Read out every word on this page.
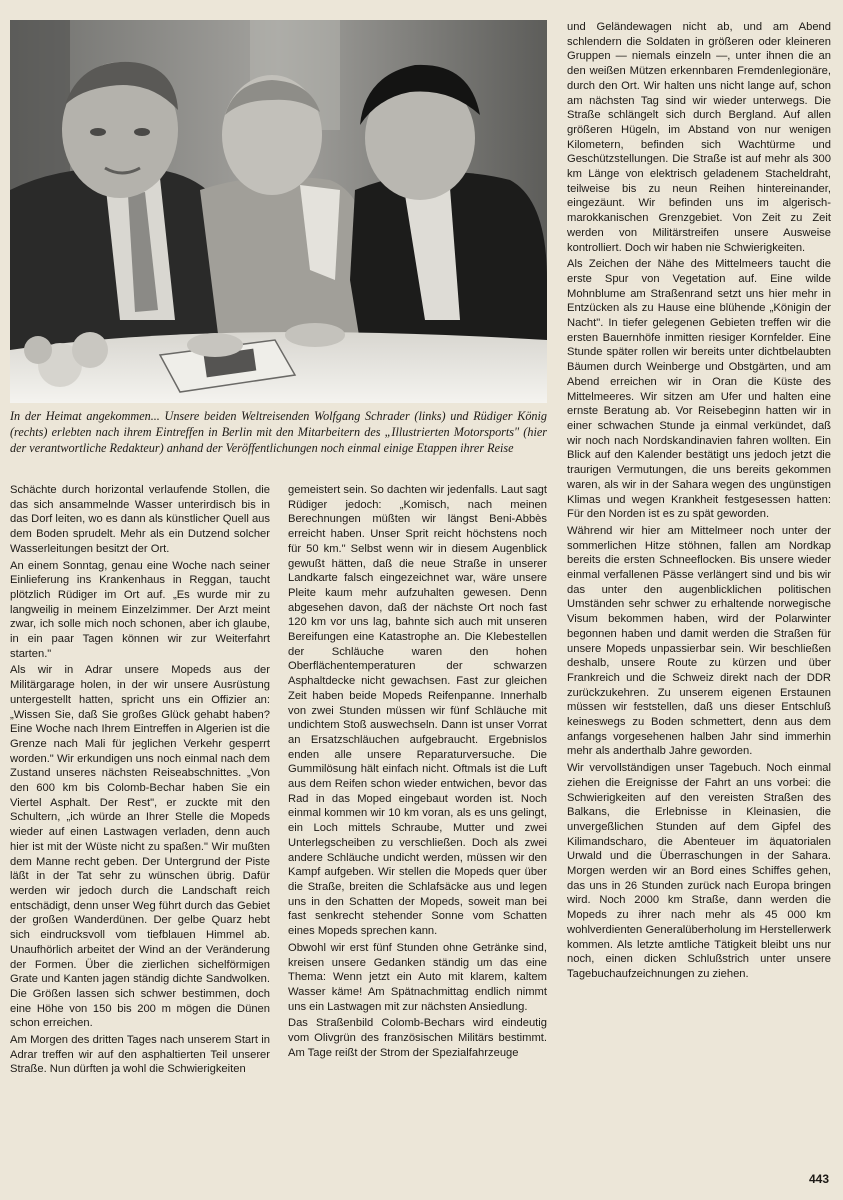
In der Heimat angekommen... Unsere beiden Weltreisenden Wolfgang Schrader (links) und Rüdiger König (rechts) erlebten nach ihrem Eintreffen in Berlin mit den Mitarbeitern des „Illustrierten Motorsports" (hier der verantwortliche Redakteur) anhand der Veröffentlichungen noch einmal einige Etappen ihrer Reise

Schächte durch horizontal verlaufende Stollen, die das sich ansammelnde Wasser unterirdisch bis in das Dorf leiten, wo es dann als künstlicher Quell aus dem Boden sprudelt. Mehr als ein Dutzend solcher Wasserleitungen besitzt der Ort.

An einem Sonntag, genau eine Woche nach seiner Einlieferung ins Krankenhaus in Reggan, taucht plötzlich Rüdiger im Ort auf. „Es wurde mir zu langweilig in meinem Einzelzimmer. Der Arzt meint zwar, ich solle mich noch schonen, aber ich glaube, in ein paar Tagen können wir zur Weiterfahrt starten."

Als wir in Adrar unsere Mopeds aus der Militärgarage holen, in der wir unsere Ausrüstung untergestellt hatten, spricht uns ein Offizier an: „Wissen Sie, daß Sie großes Glück gehabt haben? Eine Woche nach Ihrem Eintreffen in Algerien ist die Grenze nach Mali für jeglichen Verkehr gesperrt worden." Wir erkundigen uns noch einmal nach dem Zustand unseres nächsten Reiseabschnittes. „Von den 600 km bis Colomb-Bechar haben Sie ein Viertel Asphalt. Der Rest", er zuckte mit den Schultern, „ich würde an Ihrer Stelle die Mopeds wieder auf einen Lastwagen verladen, denn auch hier ist mit der Wüste nicht zu spaßen." Wir mußten dem Manne recht geben. Der Untergrund der Piste läßt in der Tat sehr zu wünschen übrig. Dafür werden wir jedoch durch die Landschaft reich entschädigt, denn unser Weg führt durch das Gebiet der großen Wanderdünen. Der gelbe Quarz hebt sich eindrucksvoll vom tiefblauen Himmel ab. Unaufhörlich arbeitet der Wind an der Veränderung der Formen. Über die zierlichen sichelförmigen Grate und Kanten jagen ständig dichte Sandwolken. Die Größen lassen sich schwer bestimmen, doch eine Höhe von 150 bis 200 m mögen die Dünen schon erreichen.

Am Morgen des dritten Tages nach unserem Start in Adrar treffen wir auf den asphaltierten Teil unserer Straße. Nun dürften ja wohl die Schwierigkeiten

gemeistert sein. So dachten wir jedenfalls. Laut sagt Rüdiger jedoch: „Komisch, nach meinen Berechnungen müßten wir längst Beni-Abbès erreicht haben. Unser Sprit reicht höchstens noch für 50 km." Selbst wenn wir in diesem Augenblick gewußt hätten, daß die neue Straße in unserer Landkarte falsch eingezeichnet war, wäre unsere Pleite kaum mehr aufzuhalten gewesen. Denn abgesehen davon, daß der nächste Ort noch fast 120 km vor uns lag, bahnte sich auch mit unseren Bereifungen eine Katastrophe an. Die Klebestellen der Schläuche waren den hohen Oberflächentemperaturen der schwarzen Asphaltdecke nicht gewachsen. Fast zur gleichen Zeit haben beide Mopeds Reifenpanne. Innerhalb von zwei Stunden müssen wir fünf Schläuche mit undichtem Stoß auswechseln. Dann ist unser Vorrat an Ersatzschläuchen aufgebraucht. Ergebnislos enden alle unsere Reparaturversuche. Die Gummilösung hält einfach nicht. Oftmals ist die Luft aus dem Reifen schon wieder entwichen, bevor das Rad in das Moped eingebaut worden ist. Noch einmal kommen wir 10 km voran, als es uns gelingt, ein Loch mittels Schraube, Mutter und zwei Unterlegscheiben zu verschließen. Doch als zwei andere Schläuche undicht werden, müssen wir den Kampf aufgeben. Wir stellen die Mopeds quer über die Straße, breiten die Schlafsäcke aus und legen uns in den Schatten der Mopeds, soweit man bei fast senkrecht stehender Sonne vom Schatten eines Mopeds sprechen kann.

Obwohl wir erst fünf Stunden ohne Getränke sind, kreisen unsere Gedanken ständig um das eine Thema: Wenn jetzt ein Auto mit klarem, kaltem Wasser käme! Am Spätnachmittag endlich nimmt uns ein Lastwagen mit zur nächsten Ansiedlung.

Das Straßenbild Colomb-Bechars wird eindeutig vom Olivgrün des französischen Militärs bestimmt. Am Tage reißt der Strom der Spezialfahrzeuge

und Geländewagen nicht ab, und am Abend schlendern die Soldaten in größeren oder kleineren Gruppen — niemals einzeln —, unter ihnen die an den weißen Mützen erkennbaren Fremdenlegionäre, durch den Ort. Wir halten uns nicht lange auf, schon am nächsten Tag sind wir wieder unterwegs. Die Straße schlängelt sich durch Bergland. Auf allen größeren Hügeln, im Abstand von nur wenigen Kilometern, befinden sich Wachtürme und Geschützstellungen. Die Straße ist auf mehr als 300 km Länge von elektrisch geladenem Stacheldraht, teilweise bis zu neun Reihen hintereinander, eingezäunt. Wir befinden uns im algerisch-marokkanischen Grenzgebiet. Von Zeit zu Zeit werden von Militärstreifen unsere Ausweise kontrolliert. Doch wir haben nie Schwierigkeiten.

Als Zeichen der Nähe des Mittelmeers taucht die erste Spur von Vegetation auf. Eine wilde Mohnblume am Straßenrand setzt uns hier mehr in Entzücken als zu Hause eine blühende „Königin der Nacht". In tiefer gelegenen Gebieten treffen wir die ersten Bauernhöfe inmitten riesiger Kornfelder. Eine Stunde später rollen wir bereits unter dichtbelaubten Bäumen durch Weinberge und Obstgärten, und am Abend erreichen wir in Oran die Küste des Mittelmeeres. Wir sitzen am Ufer und halten eine ernste Beratung ab. Vor Reisebeginn hatten wir in einer schwachen Stunde ja einmal verkündet, daß wir noch nach Nordskandinavien fahren wollten. Ein Blick auf den Kalender bestätigt uns jedoch jetzt die traurigen Vermutungen, die uns bereits gekommen waren, als wir in der Sahara wegen des ungünstigen Klimas und wegen Krankheit festgesessen hatten: Für den Norden ist es zu spät geworden.

Während wir hier am Mittelmeer noch unter der sommerlichen Hitze stöhnen, fallen am Nordkap bereits die ersten Schneeflocken. Bis unsere wieder einmal verfallenen Pässe verlängert sind und bis wir das unter den augenblicklichen politischen Umständen sehr schwer zu erhaltende norwegische Visum bekommen haben, wird der Polarwinter begonnen haben und damit werden die Straßen für unsere Mopeds unpassierbar sein. Wir beschließen deshalb, unsere Route zu kürzen und über Frankreich und die Schweiz direkt nach der DDR zurückzukehren. Zu unserem eigenen Erstaunen müssen wir feststellen, daß uns dieser Entschluß keineswegs zu Boden schmettert, denn aus dem anfangs vorgesehenen halben Jahr sind immerhin mehr als anderthalb Jahre geworden.

Wir vervollständigen unser Tagebuch. Noch einmal ziehen die Ereignisse der Fahrt an uns vorbei: die Schwierigkeiten auf den vereisten Straßen des Balkans, die Erlebnisse in Kleinasien, die unvergeßlichen Stunden auf dem Gipfel des Kilimandscharo, die Abenteuer im äquatorialen Urwald und die Überraschungen in der Sahara. Morgen werden wir an Bord eines Schiffes gehen, das uns in 26 Stunden zurück nach Europa bringen wird. Noch 2000 km Straße, dann werden die Mopeds zu ihrer nach mehr als 45 000 km wohlverdienten Generalüberholung im Herstellerwerk kommen. Als letzte amtliche Tätigkeit bleibt uns nur noch, einen dicken Schlußstrich unter unsere Tagebuchaufzeichnungen zu ziehen.

443
